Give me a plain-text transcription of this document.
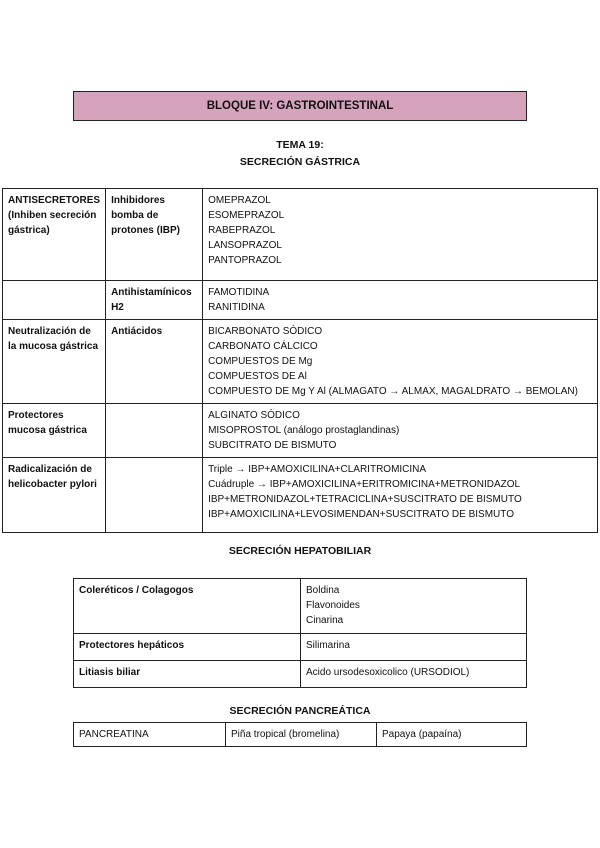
BLOQUE IV: GASTROINTESTINAL
TEMA 19:
SECRECIÓN GÁSTRICA
ANTISECRETORES (Inhiben secreción gástrica)	Inhibidores bomba de protones (IBP)	OMEPRAZOL
ESOMEPRAZOL
RABEPRAZOL
LANSOPRAZOL
PANTOPRAZOL

	Antihistamínicos H2	FAMOTIDINA
RANITIDINA

Neutralización de la mucosa gástrica	Antiácidos	BICARBONATO SÓDICO
CARBONATO CÁLCICO
COMPUESTOS DE Mg
COMPUESTOS DE Al
COMPUESTO DE Mg Y Al (ALMAGATO → ALMAX, MAGALDRATO → BEMOLAN)

Protectores mucosa gástrica		ALGINATO SÓDICO
MISOPROSTOL (análogo prostaglandinas)
SUBCITRATO DE BISMUTO

Radicalización de helicobacter pylori		Triple → IBP+AMOXICILINA+CLARITROMICINA
Cuádruple → IBP+AMOXICILINA+ERITROMICINA+METRONIDAZOL
IBP+METRONIDAZOL+TETRACICLINA+SUSCITRATO DE BISMUTO
IBP+AMOXICILINA+LEVOSIMENDAN+SUSCITRATO DE BISMUTO
SECRECIÓN HEPATOBILIAR
Coleréticos / Colagogos	Boldina
Flavonoides
Cinarina

Protectores hepáticos	Silimarina

Litiasis biliar	Acido ursodesoxicolico (URSODIOL)
SECRECIÓN PANCREÁTICA
PANCREATINA	Piña tropical (bromelina)	Papaya (papaína)
